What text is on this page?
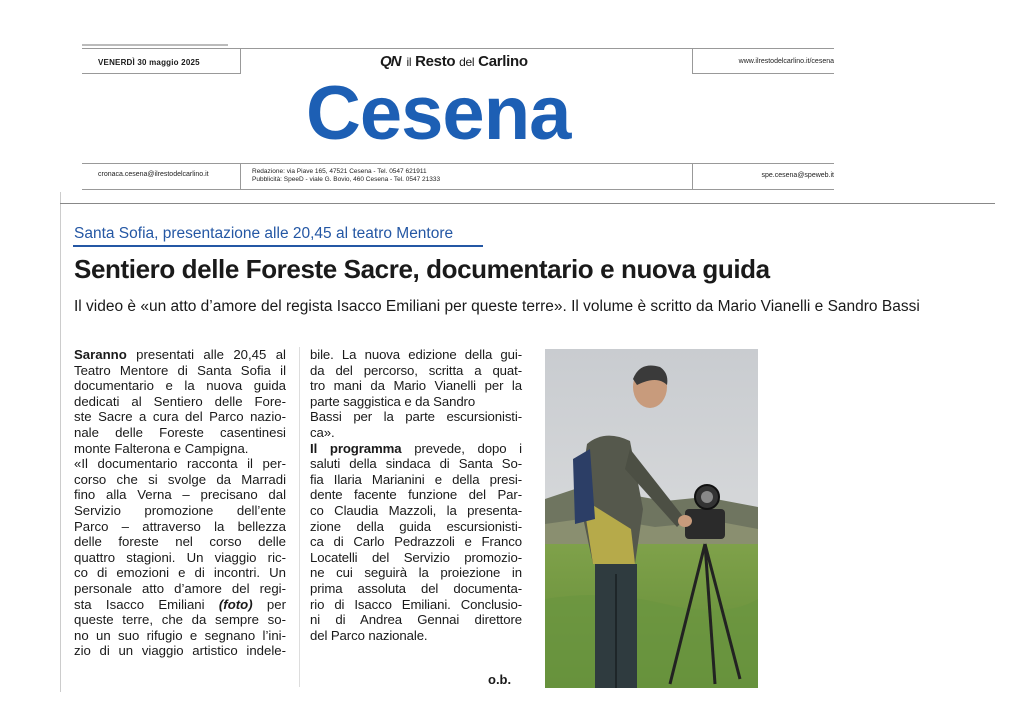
VENERDÌ 30 maggio 2025	QN il Resto del Carlino	www.ilrestodelcarlino.it/cesena
Cesena
cronaca.cesena@ilrestodelcarlino.it	Redazione: via Piave 165, 47521 Cesena - Tel. 0547 621911
Pubblicità: SpeeD - viale G. Bovio, 460 Cesena - Tel. 0547 21333
spe.cesena@speweb.it
Santa Sofia, presentazione alle 20,45 al teatro Mentore
Sentiero delle Foreste Sacre, documentario e nuova guida
Il video è «un atto d’amore del regista Isacco Emiliani per queste terre». Il volume è scritto da Mario Vianelli e Sandro Bassi
Saranno presentati alle 20,45 al
Teatro Mentore di Santa Sofia il
documentario e la nuova guida
dedicati al Sentiero delle Fore-
ste Sacre a cura del Parco nazio-
nale delle Foreste casentinesi
monte Falterona e Campigna.
«Il documentario racconta il per-
corso che si svolge da Marradi
fino alla Verna – precisano dal
Servizio promozione dell’ente
Parco – attraverso la bellezza
delle foreste nel corso delle
quattro stagioni. Un viaggio ric-
co di emozioni e di incontri. Un
personale atto d’amore del regi-
sta Isacco Emiliani (foto) per
queste terre, che da sempre so-
no un suo rifugio e segnano l’ini-
zio di un viaggio artistico indele-
bile. La nuova edizione della gui-
da del percorso, scritta a quat-
tro mani da Mario Vianelli per la
parte saggistica e da Sandro
Bassi per la parte escursionisti-
ca».
Il programma prevede, dopo i
saluti della sindaca di Santa So-
fia Ilaria Marianini e della presi-
dente facente funzione del Par-
co Claudia Mazzoli, la presenta-
zione della guida escursionisti-
ca di Carlo Pedrazzoli e Franco
Locatelli del Servizio promozio-
ne cui seguirà la proiezione in
prima assoluta del documenta-
rio di Isacco Emiliani. Conclusio-
ni di Andrea Gennai direttore
del Parco nazionale.
o.b.
